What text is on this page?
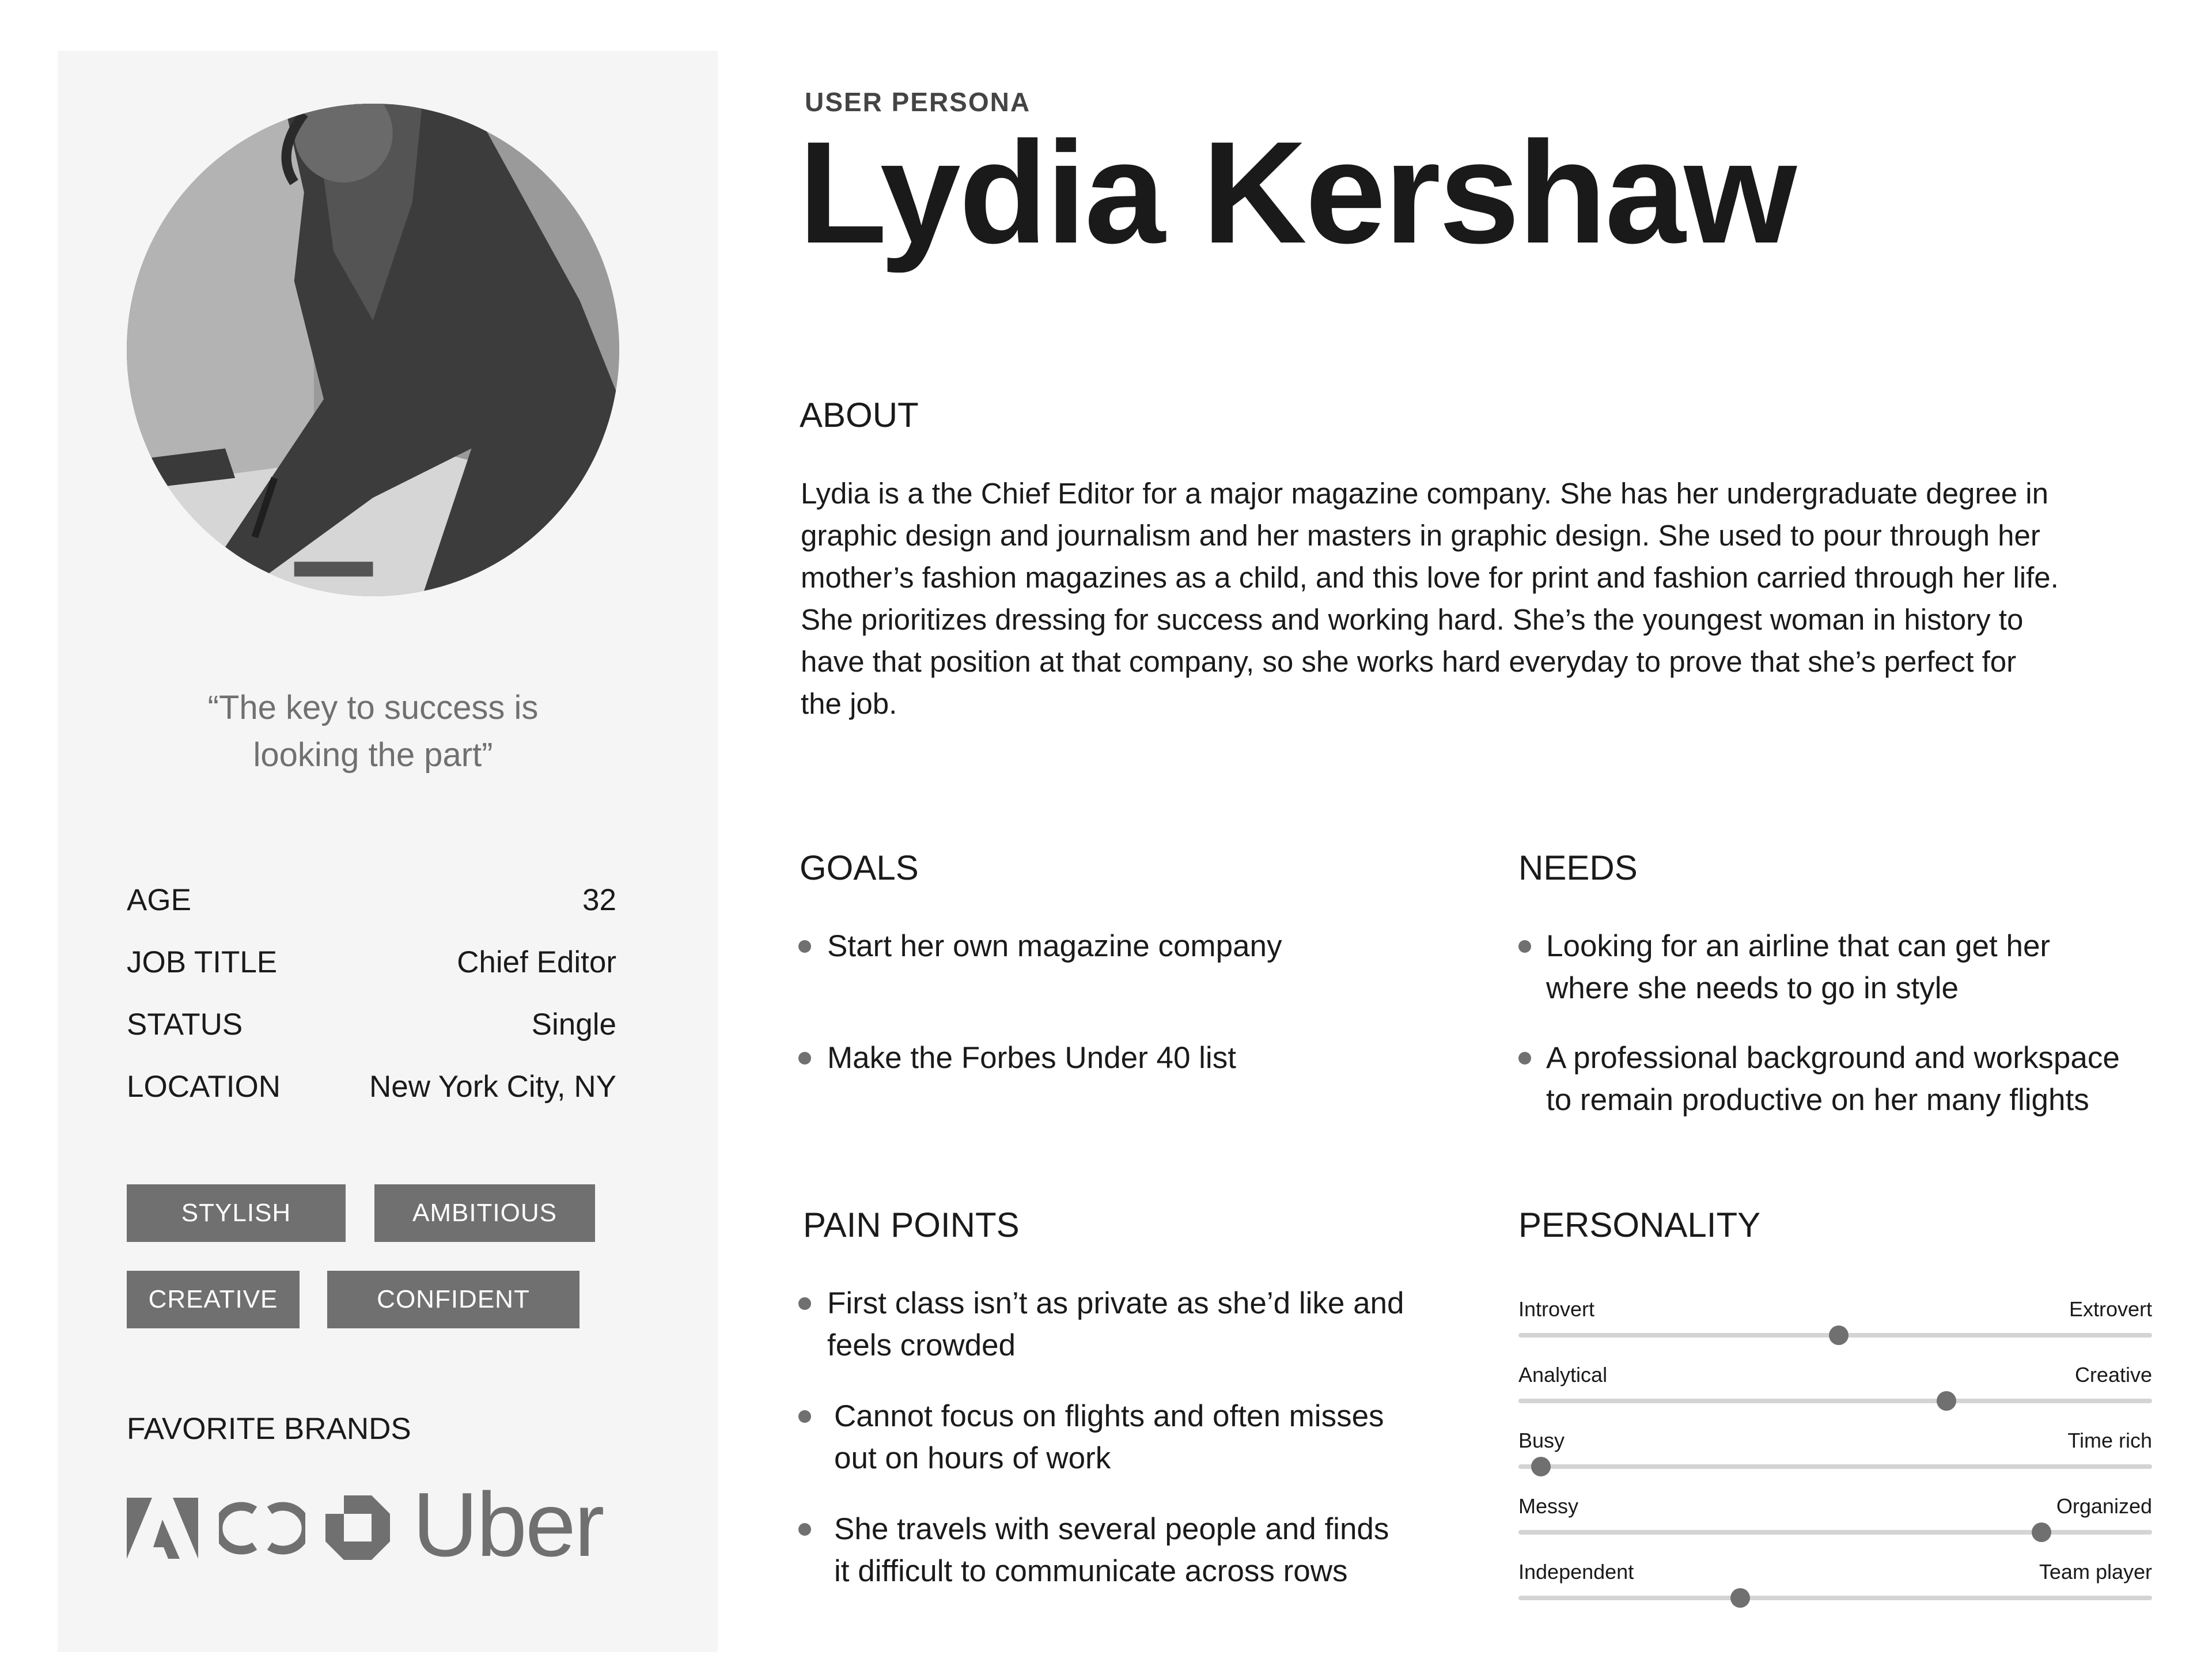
“The key to success is
looking the part”
AGE	32
JOB TITLE	Chief Editor
STATUS	Single
LOCATION	New York City, NY
STYLISH	AMBITIOUS
CREATIVE	CONFIDENT
FAVORITE BRANDS
Uber
USER PERSONA
Lydia Kershaw
ABOUT
Lydia is a the Chief Editor for a major magazine company. She has her undergraduate degree in
graphic design and journalism and her masters in graphic design. She used to pour through her
mother’s fashion magazines as a child, and this love for print and fashion carried through her life.
She prioritizes dressing for success and working hard. She’s the youngest woman in history to
have that position at that company, so she works hard everyday to prove that she’s perfect for
the job.
GOALS
Start her own magazine company
Make the Forbes Under 40 list
NEEDS
Looking for an airline that can get her
where she needs to go in style
A professional background and workspace
to remain productive on her many flights
PAIN POINTS
First class isn’t as private as she’d like and
feels crowded
Cannot focus on flights and often misses
out on hours of work
She travels with several people and finds
it difficult to communicate across rows
PERSONALITY
Introvert	Extrovert
Analytical	Creative
Busy	Time rich
Messy	Organized
Independent	Team player
